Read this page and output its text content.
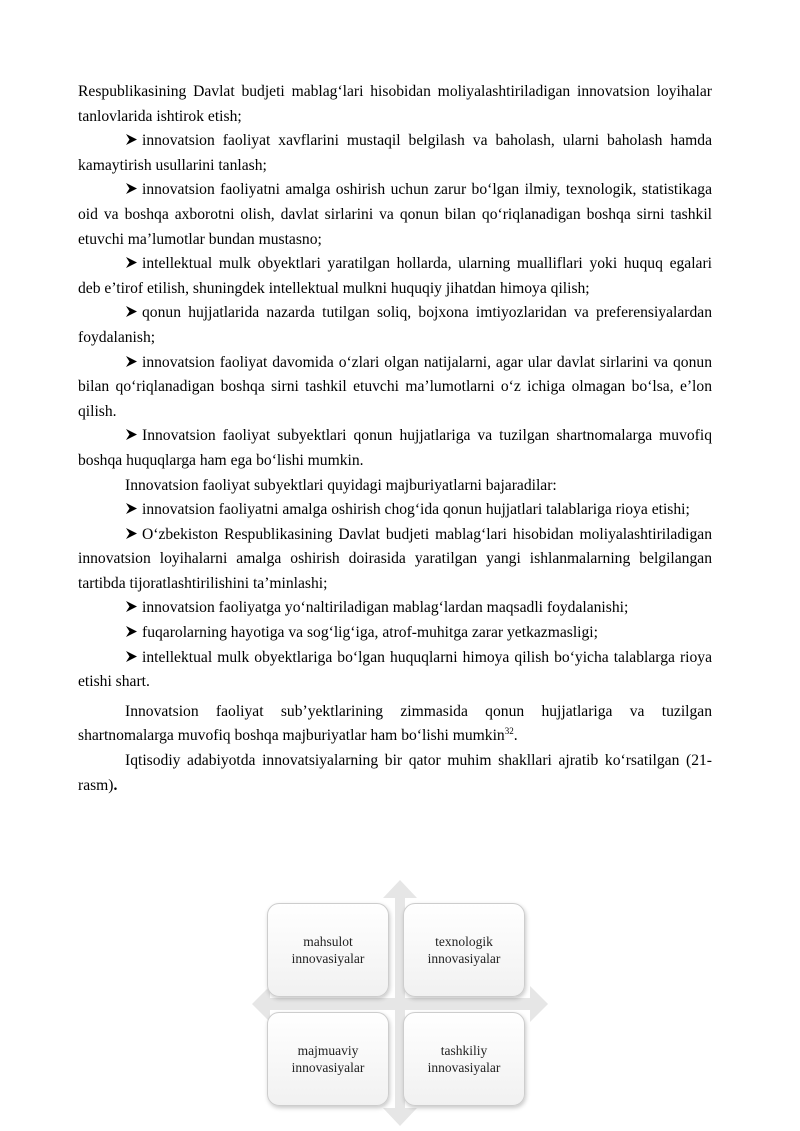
Respublikasining Davlat budjeti mablag‘lari hisobidan moliyalashtiriladigan innovatsion loyihalar tanlovlarida ishtirok etish;

innovatsion faoliyat xavflarini mustaqil belgilash va baholash, ularni baholash hamda kamaytirish usullarini tanlash;

innovatsion faoliyatni amalga oshirish uchun zarur bo‘lgan ilmiy, texnologik, statistikaga oid va boshqa axborotni olish, davlat sirlarini va qonun bilan qo‘riqlanadigan boshqa sirni tashkil etuvchi ma’lumotlar bundan mustasno;

intellektual mulk obyektlari yaratilgan hollarda, ularning mualliflari yoki huquq egalari deb e’tirof etilish, shuningdek intellektual mulkni huquqiy jihatdan himoya qilish;

qonun hujjatlarida nazarda tutilgan soliq, bojxona imtiyozlaridan va preferensiyalardan foydalanish;

innovatsion faoliyat davomida o‘zlari olgan natijalarni, agar ular davlat sirlarini va qonun bilan qo‘riqlanadigan boshqa sirni tashkil etuvchi ma’lumotlarni o‘z ichiga olmagan bo‘lsa, e’lon qilish.

Innovatsion faoliyat subyektlari qonun hujjatlariga va tuzilgan shartnomalarga muvofiq boshqa huquqlarga ham ega bo‘lishi mumkin.

Innovatsion faoliyat subyektlari quyidagi majburiyatlarni bajaradilar:

innovatsion faoliyatni amalga oshirish chog‘ida qonun hujjatlari talablariga rioya etishi;

O‘zbekiston Respublikasining Davlat budjeti mablag‘lari hisobidan moliyalashtiriladigan innovatsion loyihalarni amalga oshirish doirasida yaratilgan yangi ishlanmalarning belgilangan tartibda tijoratlashtirilishini ta’minlashi;

innovatsion faoliyatga yo‘naltiriladigan mablag‘lardan maqsadli foydalanishi;

fuqarolarning hayotiga va sog‘lig‘iga, atrof-muhitga zarar yetkazmasligi;

intellektual mulk obyektlariga bo‘lgan huquqlarni himoya qilish bo‘yicha talablarga rioya etishi shart.

Innovatsion faoliyat sub’yektlarining zimmasida qonun hujjatlariga va tuzilgan shartnomalarga muvofiq boshqa majburiyatlar ham bo‘lishi mumkin$^{32}$.

Iqtisodiy adabiyotda innovatsiyalarning bir qator muhim shakllari ajratib ko‘rsatilgan (21-rasm).

mahsulot
innovasiyalar
texnologik
innovasiyalar
majmuaviy
innovasiyalar
tashkiliy
innovasiyalar
